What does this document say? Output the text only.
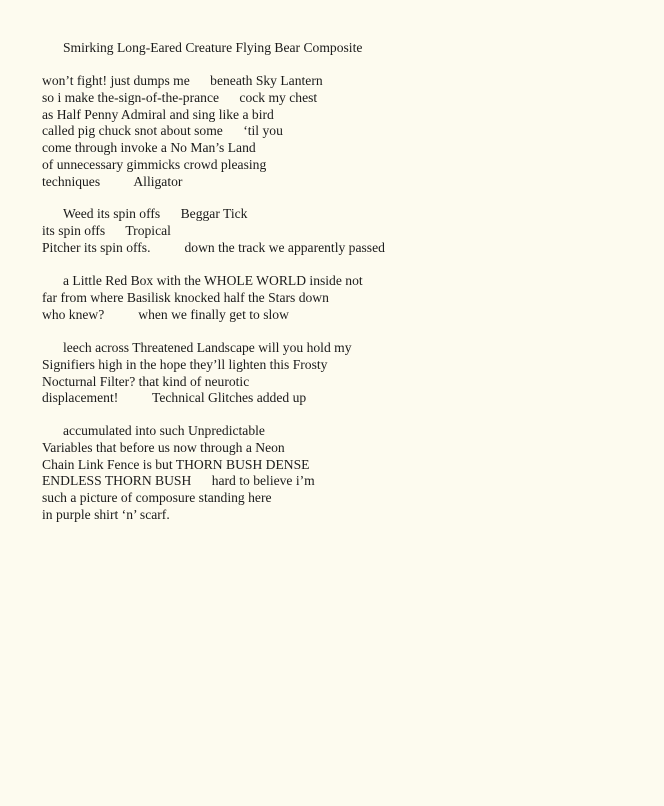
Smirking Long-Eared Creature Flying Bear Composite
won’t fight! just dumps me      beneath Sky Lantern
so i make the-sign-of-the-prance      cock my chest
as Half Penny Admiral and sing like a bird
called pig chuck snot about some      ‘til you
come through invoke a No Man’s Land
of unnecessary gimmicks crowd pleasing
techniques          Alligator
Weed its spin offs      Beggar Tick
its spin offs      Tropical
Pitcher its spin offs.          down the track we apparently passed
a Little Red Box with the WHOLE WORLD inside not
far from where Basilisk knocked half the Stars down
who knew?          when we finally get to slow
leech across Threatened Landscape will you hold my
Signifiers high in the hope they’ll lighten this Frosty
Nocturnal Filter? that kind of neurotic
displacement!          Technical Glitches added up
accumulated into such Unpredictable
Variables that before us now through a Neon
Chain Link Fence is but THORN BUSH DENSE
ENDLESS THORN BUSH      hard to believe i’m
such a picture of composure standing here
in purple shirt ‘n’ scarf.
